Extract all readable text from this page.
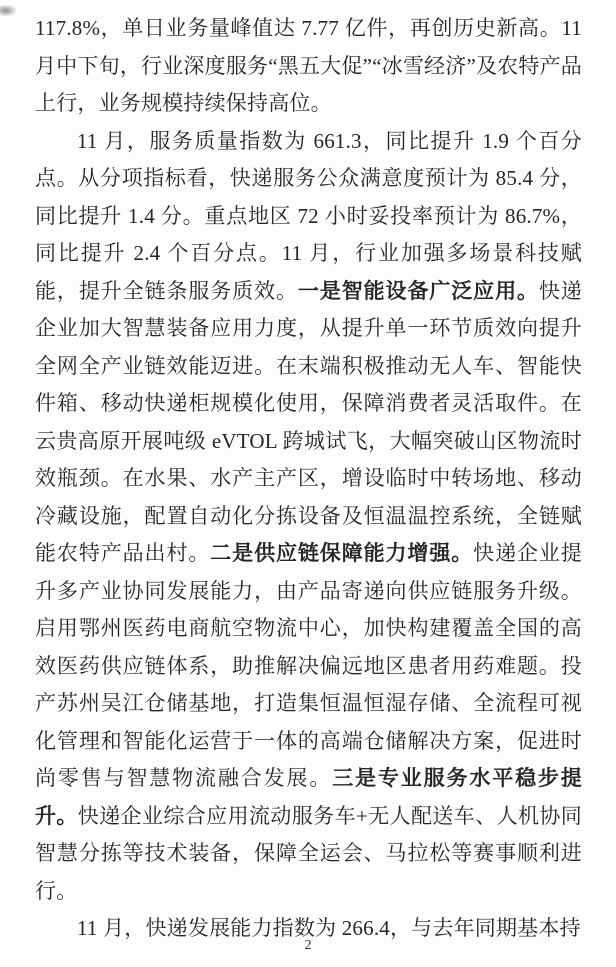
117.8%，单日业务量峰值达 7.77 亿件，再创历史新高。11 月中下旬，行业深度服务“黑五大促”“冰雪经济”及农特产品上行，业务规模持续保持高位。

11 月，服务质量指数为 661.3，同比提升 1.9 个百分点。从分项指标看，快递服务公众满意度预计为 85.4 分，同比提升 1.4 分。重点地区 72 小时妥投率预计为 86.7%，同比提升 2.4 个百分点。11 月，行业加强多场景科技赋能，提升全链条服务质效。一是智能设备广泛应用。快递企业加大智慧装备应用力度，从提升单一环节质效向提升全网全产业链效能迈进。在末端积极推动无人车、智能快件箱、移动快递柜规模化使用，保障消费者灵活取件。在云贵高原开展吨级 eVTOL 跨城试飞，大幅突破山区物流时效瓶颈。在水果、水产主产区，增设临时中转场地、移动冷藏设施，配置自动化分拣设备及恒温温控系统，全链赋能农特产品出村。二是供应链保障能力增强。快递企业提升多产业协同发展能力，由产品寄递向供应链服务升级。启用鄂州医药电商航空物流中心，加快构建覆盖全国的高效医药供应链体系，助推解决偏远地区患者用药难题。投产苏州吴江仓储基地，打造集恒温恒湿存储、全流程可视化管理和智能化运营于一体的高端仓储解决方案，促进时尚零售与智慧物流融合发展。三是专业服务水平稳步提升。快递企业综合应用流动服务车+无人配送车、人机协同智慧分拣等技术装备，保障全运会、马拉松等赛事顺利进行。

11 月，快递发展能力指数为 266.4，与去年同期基本持

2
